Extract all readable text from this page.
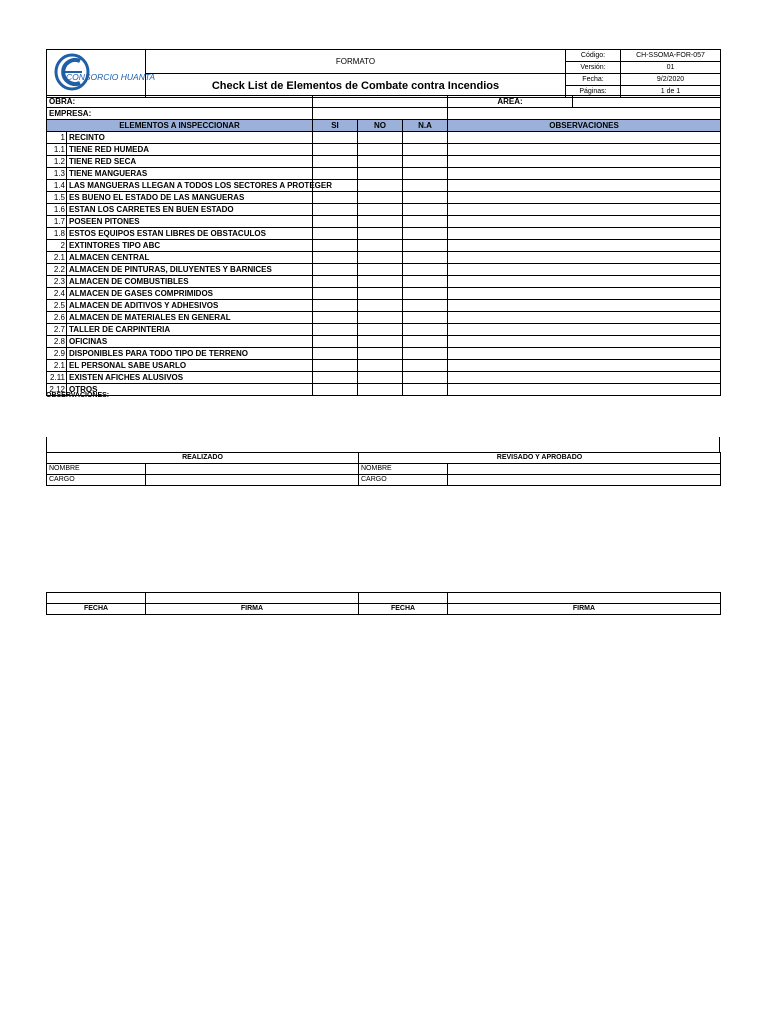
CONSORCIO HUANTA	FORMATO	Código:	CH-SSOMA-FOR-057
		Versión:	01
	Check List de Elementos de Combate contra Incendios	Fecha:	9/2/2020
		Páginas:	1 de 1
OBRA:					AREA:	
EMPRESA:						
ELEMENTOS A INSPECCIONAR		SI	NO	N.A	OBSERVACIONES	
1	RECINTO					
1.1	TIENE RED HUMEDA					
1.2	TIENE RED SECA					
1.3	TIENE MANGUERAS					
1.4	LAS MANGUERAS LLEGAN A TODOS LOS SECTORES A PROTEGER					
1.5	ES BUENO EL ESTADO DE LAS MANGUERAS					
1.6	ESTAN LOS CARRETES EN BUEN ESTADO					
1.7	POSEEN PITONES					
1.8	ESTOS EQUIPOS ESTAN LIBRES DE OBSTACULOS					
2	EXTINTORES TIPO ABC					
2.1	ALMACEN CENTRAL					
2.2	ALMACEN DE PINTURAS, DILUYENTES Y BARNICES					
2.3	ALMACEN DE COMBUSTIBLES					
2.4	ALMACEN DE GASES COMPRIMIDOS					
2.5	ALMACEN DE ADITIVOS Y ADHESIVOS					
2.6	ALMACEN DE MATERIALES EN GENERAL					
2.7	TALLER DE CARPINTERIA					
2.8	OFICINAS					
2.9	DISPONIBLES PARA TODO TIPO DE TERRENO					
2.1	EL PERSONAL SABE USARLO					
2.11	EXISTEN AFICHES ALUSIVOS					
2.12	OTROS					
OBSERVACIONES:
REALIZADO		REVISADO Y APROBADO	
NOMBRE		NOMBRE	
CARGO		CARGO	

FECHA	FIRMA	FECHA	FIRMA
